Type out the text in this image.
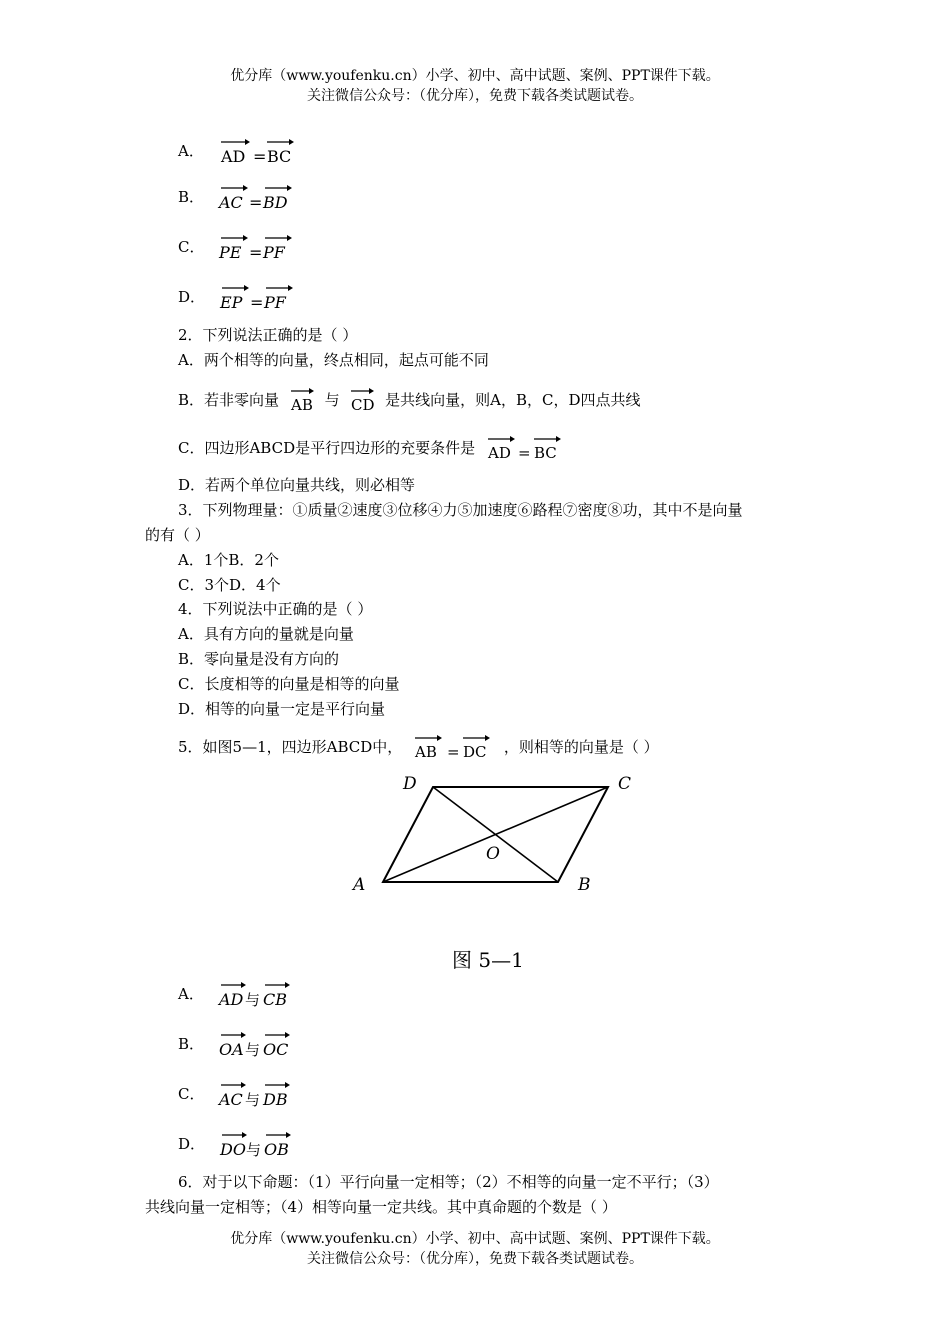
优分库（www.youfenku.cn）小学、初中、高中试题、案例、PPT课件下载。
关注微信公众号：（优分库），免费下载各类试题试卷。
A． AD = BC
B． AC = BD
C． PE = PF
D． EP = PF
2．下列说法正确的是（ ）
A．两个相等的向量，终点相同，起点可能不同
B．若非零向量 AB 与 CD 是共线向量，则A，B，C，D四点共线
C．四边形ABCD是平行四边形的充要条件是 AD = BC
D．若两个单位向量共线，则必相等
3．下列物理量：①质量②速度③位移④力⑤加速度⑥路程⑦密度⑧功，其中不是向量
的有（ ）
A．1个B．2个
C．3个D．4个
4．下列说法中正确的是（ ）
A．具有方向的量就是向量
B．零向量是没有方向的
C．长度相等的向量是相等的向量
D．相等的向量一定是平行向量
5．如图5—1，四边形ABCD中， AB = DC ，则相等的向量是（ ）
A	B
C
D
O
图 5—1
A． AD 与 CB
B． OA 与 OC
C． AC 与 DB
D． DO 与 OB
6．对于以下命题：（1）平行向量一定相等；（2）不相等的向量一定不平行；（3）
共线向量一定相等；（4）相等向量一定共线。其中真命题的个数是（ ）
优分库（www.youfenku.cn）小学、初中、高中试题、案例、PPT课件下载。
关注微信公众号：（优分库），免费下载各类试题试卷。
